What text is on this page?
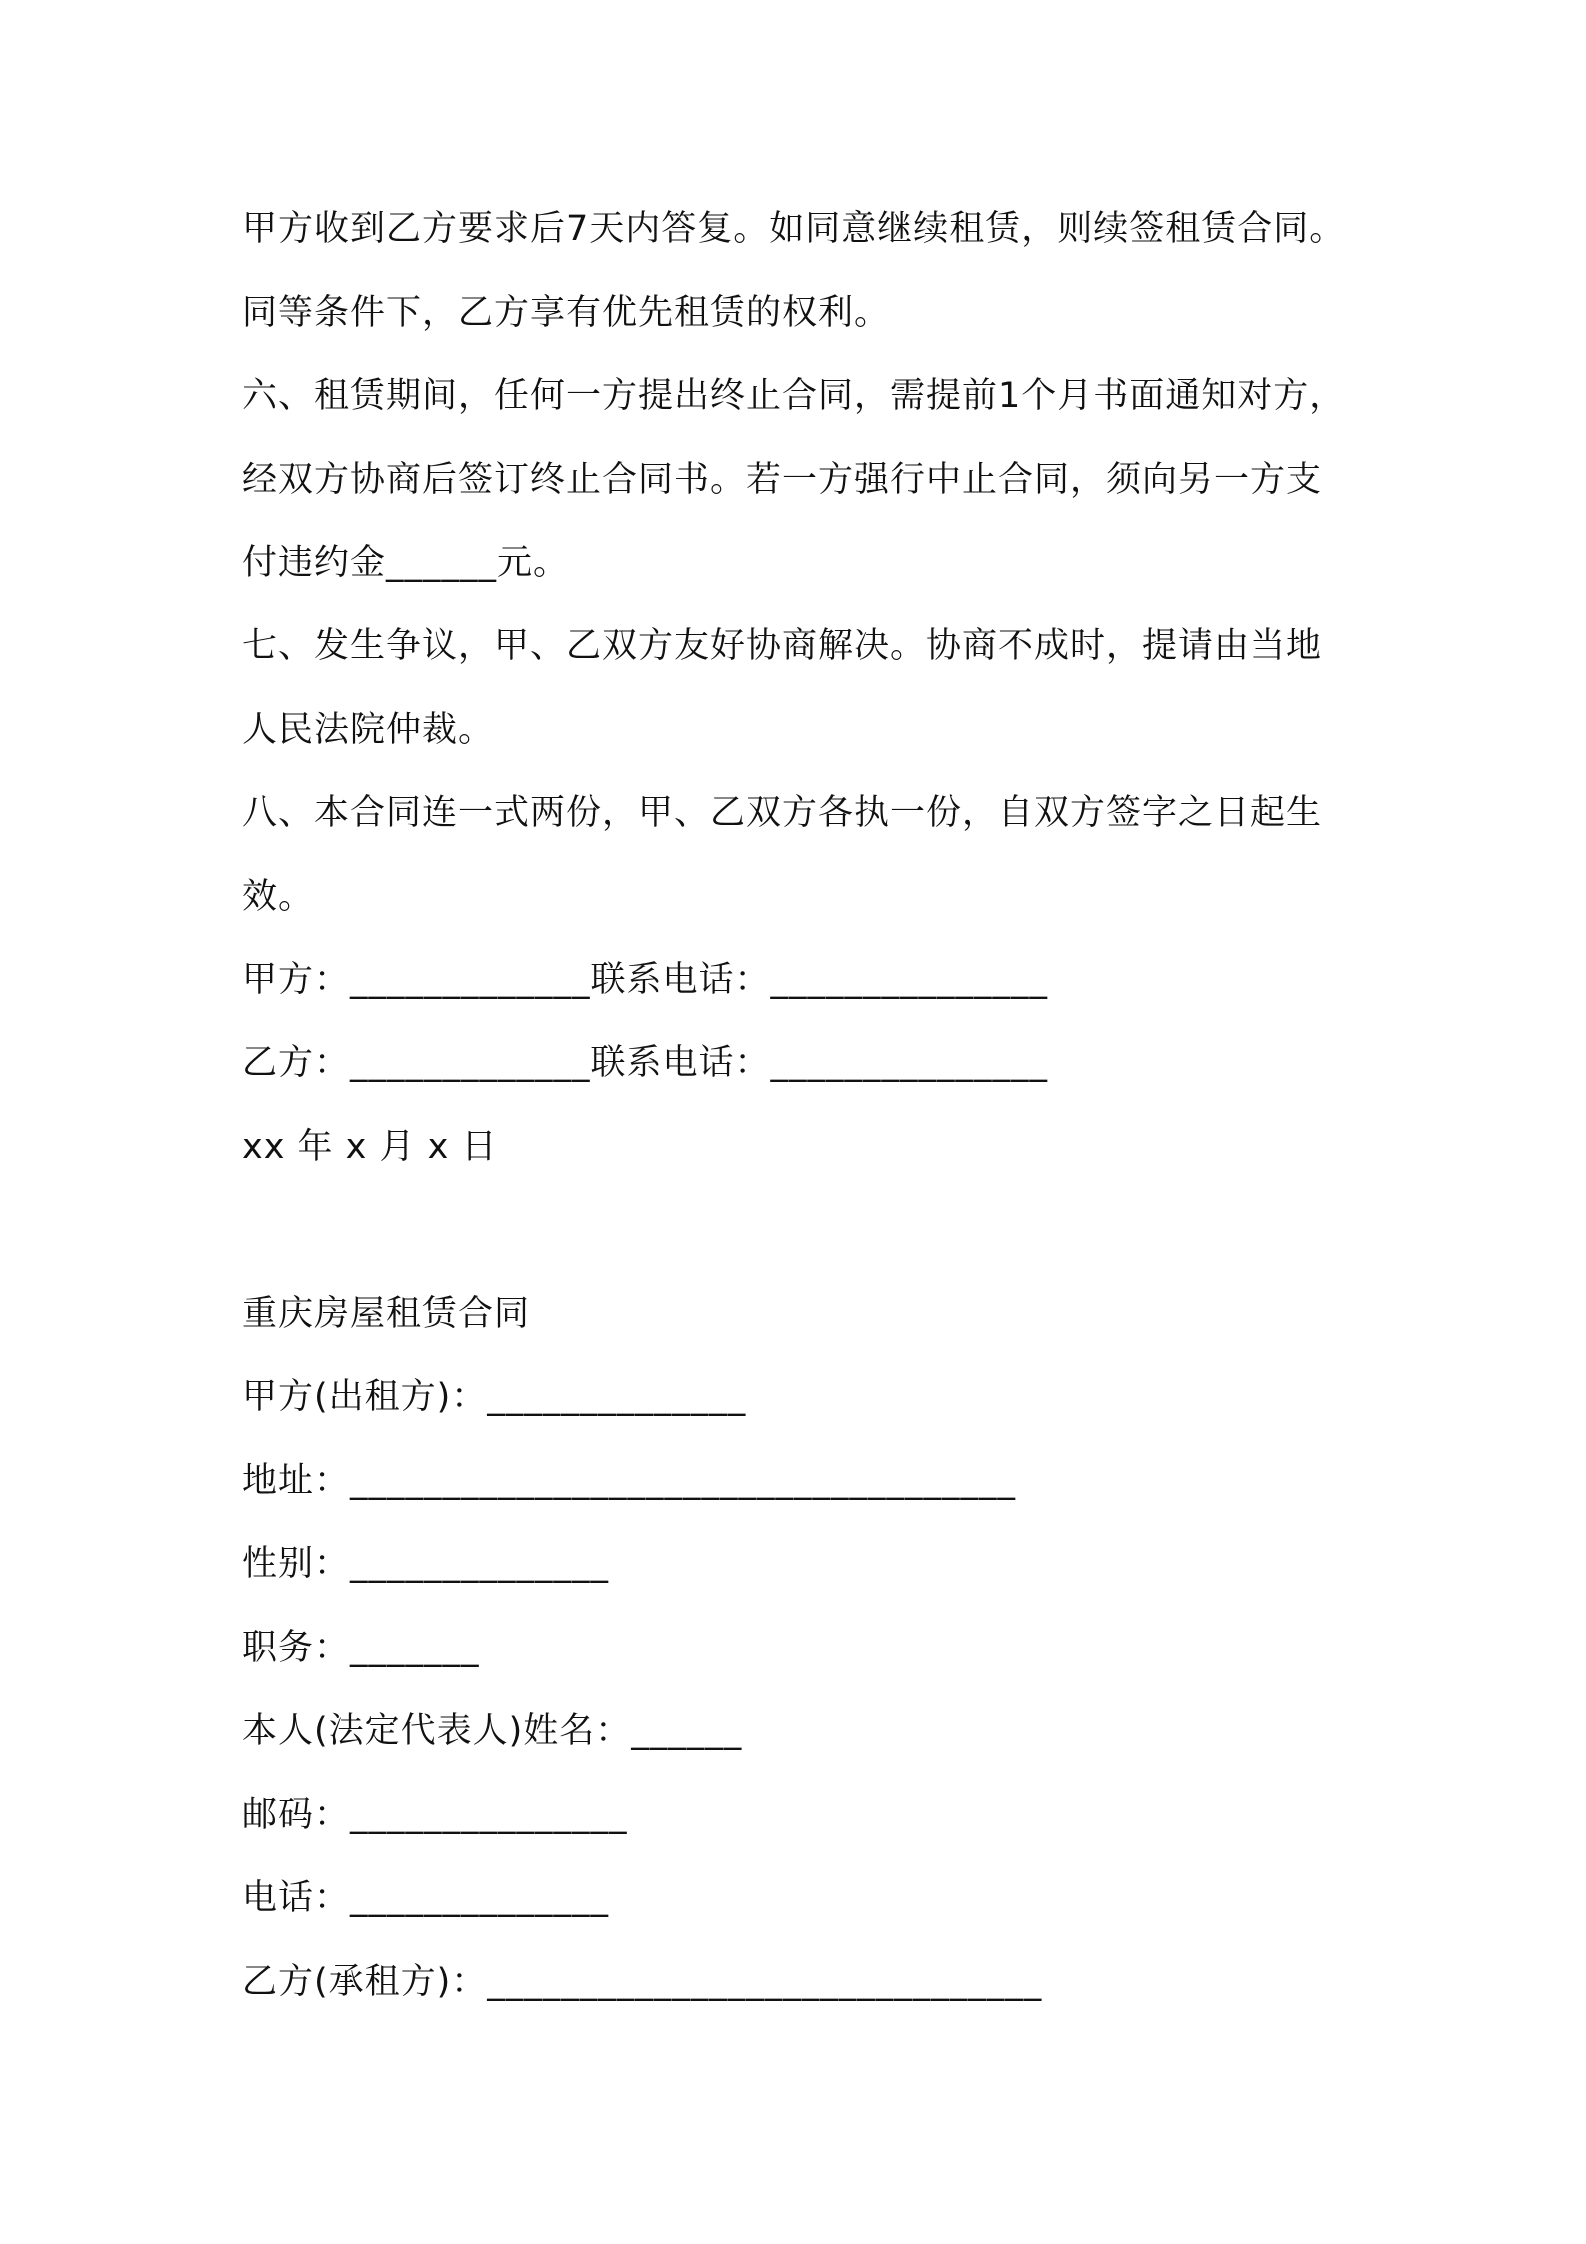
甲方收到乙方要求后7天内答复。如同意继续租赁，则续签租赁合同。
同等条件下，乙方享有优先租赁的权利。
六、租赁期间，任何一方提出终止合同，需提前1个月书面通知对方，
经双方协商后签订终止合同书。若一方强行中止合同，须向另一方支
付违约金______元。
七、发生争议，甲、乙双方友好协商解决。协商不成时，提请由当地
人民法院仲裁。
八、本合同连一式两份，甲、乙双方各执一份，自双方签字之日起生
效。
甲方：_____________联系电话：_______________
乙方：_____________联系电话：_______________
xx 年 x 月 x 日
重庆房屋租赁合同
甲方(出租方)：______________
地址：____________________________________
性别：______________
职务：_______
本人(法定代表人)姓名：______
邮码：_______________
电话：______________
乙方(承租方)：______________________________
